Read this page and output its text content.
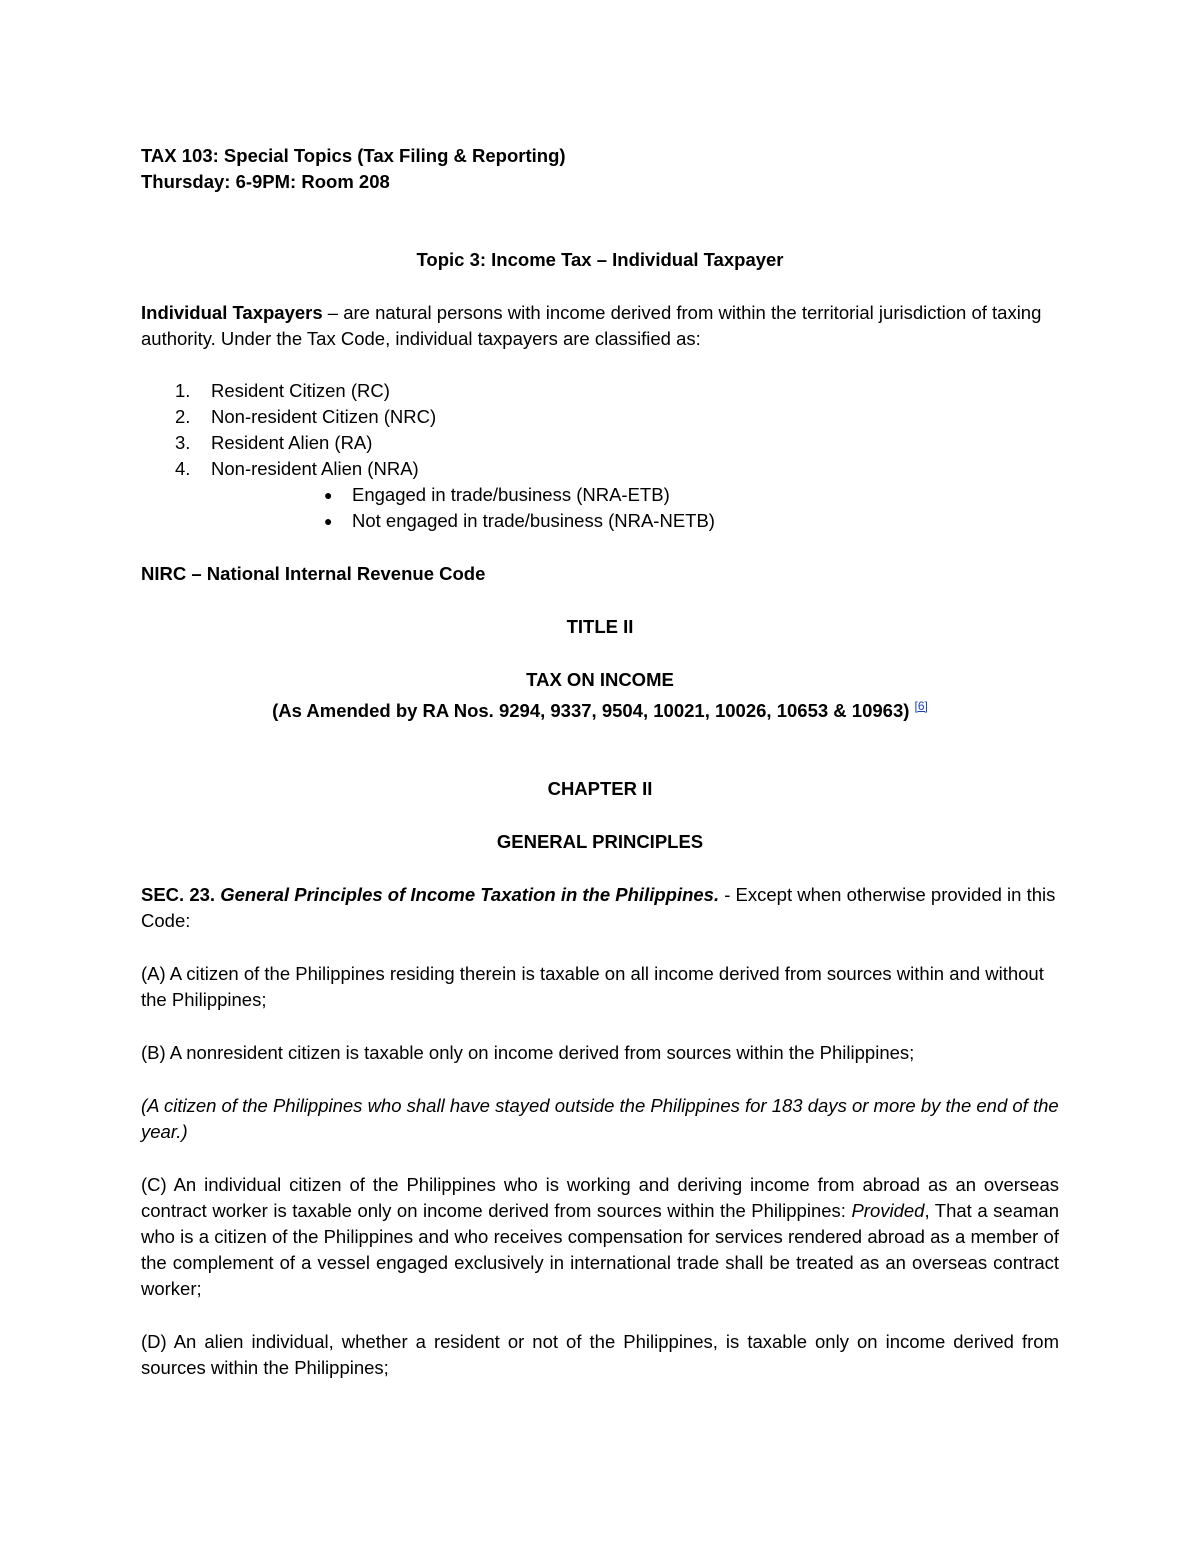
TAX 103: Special Topics (Tax Filing & Reporting)

Thursday: 6-9PM: Room 208

Topic 3: Income Tax – Individual Taxpayer

Individual Taxpayers – are natural persons with income derived from within the territorial jurisdiction of taxing authority. Under the Tax Code, individual taxpayers are classified as:

1. Resident Citizen (RC)
2. Non-resident Citizen (NRC)
3. Resident Alien (RA)
4. Non-resident Alien (NRA)
● Engaged in trade/business (NRA-ETB)
● Not engaged in trade/business (NRA-NETB)

NIRC – National Internal Revenue Code

TITLE II

TAX ON INCOME

(As Amended by RA Nos. 9294, 9337, 9504, 10021, 10026, 10653 & 10963) [6]

CHAPTER II

GENERAL PRINCIPLES

SEC. 23. General Principles of Income Taxation in the Philippines. - Except when otherwise provided in this Code:

(A) A citizen of the Philippines residing therein is taxable on all income derived from sources within and without the Philippines;

(B) A nonresident citizen is taxable only on income derived from sources within the Philippines;

(A citizen of the Philippines who shall have stayed outside the Philippines for 183 days or more by the end of the year.)

(C) An individual citizen of the Philippines who is working and deriving income from abroad as an overseas contract worker is taxable only on income derived from sources within the Philippines: Provided, That a seaman who is a citizen of the Philippines and who receives compensation for services rendered abroad as a member of the complement of a vessel engaged exclusively in international trade shall be treated as an overseas contract worker;

(D) An alien individual, whether a resident or not of the Philippines, is taxable only on income derived from sources within the Philippines;
